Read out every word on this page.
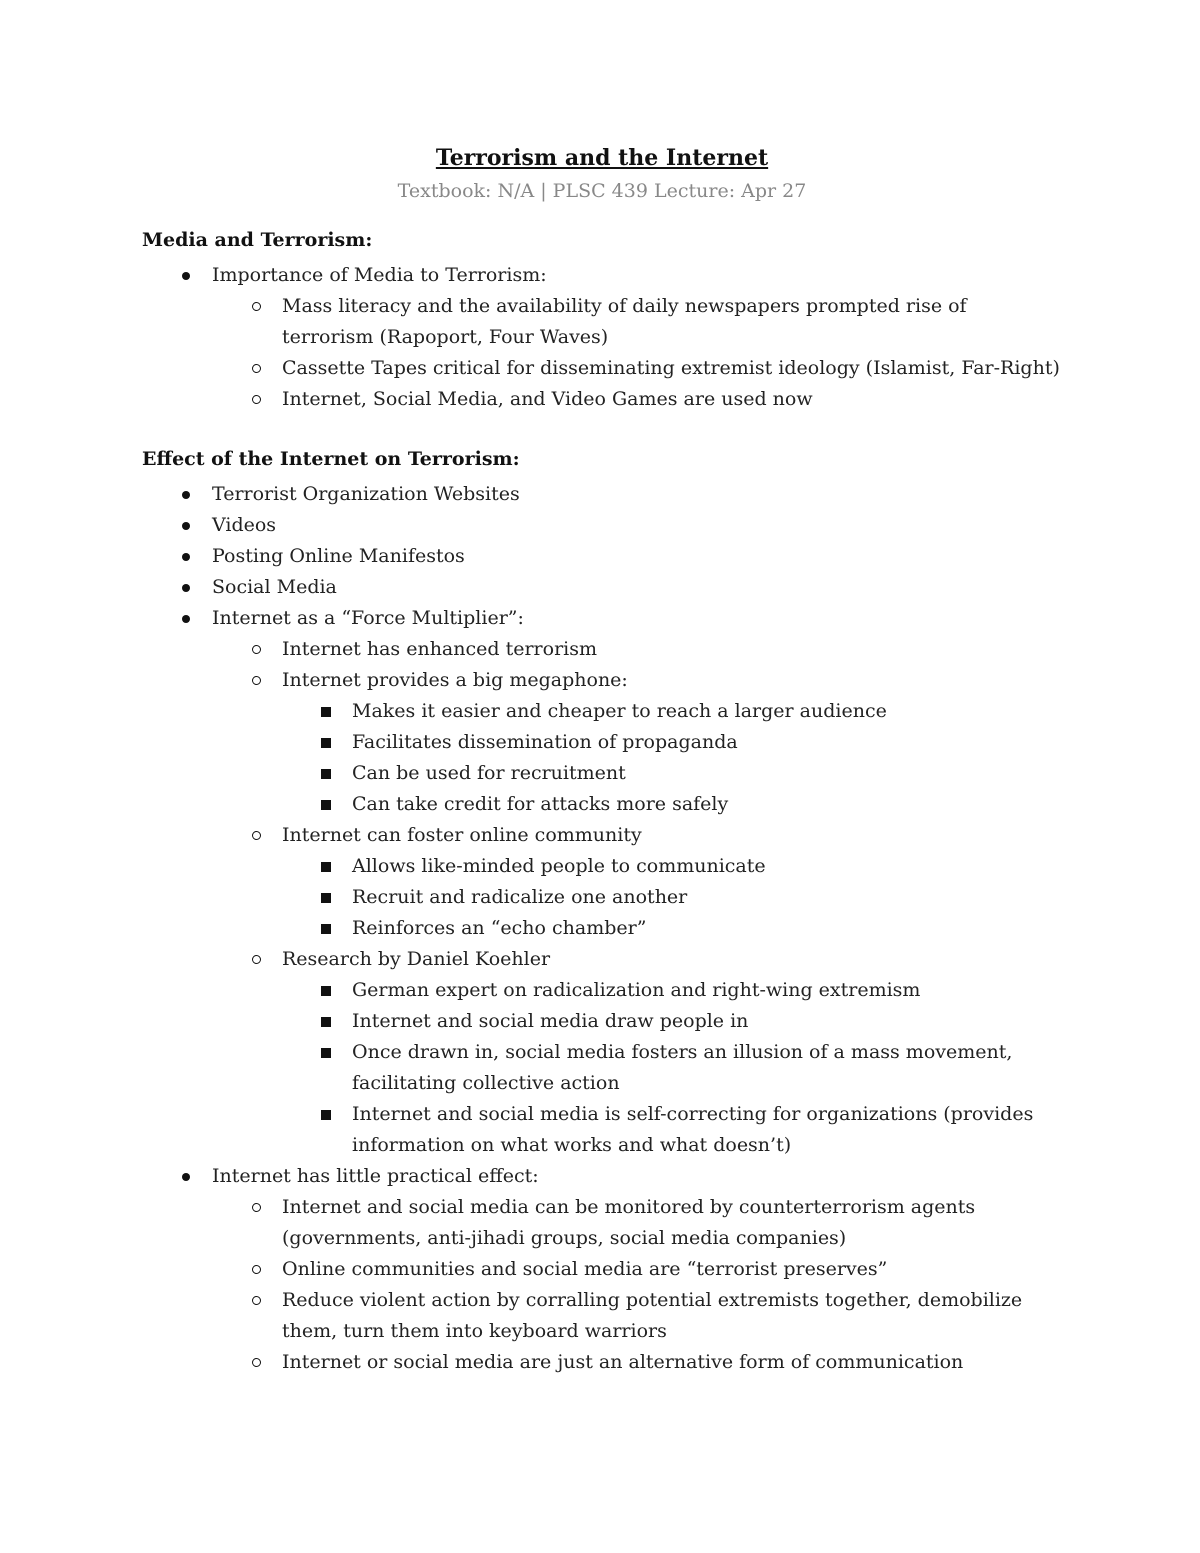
Terrorism and the Internet

Textbook: N/A | PLSC 439 Lecture: Apr 27

Media and Terrorism:
Importance of Media to Terrorism:
Mass literacy and the availability of daily newspapers prompted rise of terrorism (Rapoport, Four Waves)
Cassette Tapes critical for disseminating extremist ideology (Islamist, Far-Right)
Internet, Social Media, and Video Games are used now
Effect of the Internet on Terrorism:
Terrorist Organization Websites
Videos
Posting Online Manifestos
Social Media
Internet as a “Force Multiplier”:
Internet has enhanced terrorism
Internet provides a big megaphone:
Makes it easier and cheaper to reach a larger audience
Facilitates dissemination of propaganda
Can be used for recruitment
Can take credit for attacks more safely
Internet can foster online community
Allows like-minded people to communicate
Recruit and radicalize one another
Reinforces an “echo chamber”
Research by Daniel Koehler
German expert on radicalization and right-wing extremism
Internet and social media draw people in
Once drawn in, social media fosters an illusion of a mass movement, facilitating collective action
Internet and social media is self-correcting for organizations (provides information on what works and what doesn’t)
Internet has little practical effect:
Internet and social media can be monitored by counterterrorism agents (governments, anti-jihadi groups, social media companies)
Online communities and social media are “terrorist preserves”
Reduce violent action by corralling potential extremists together, demobilize them, turn them into keyboard warriors
Internet or social media are just an alternative form of communication
